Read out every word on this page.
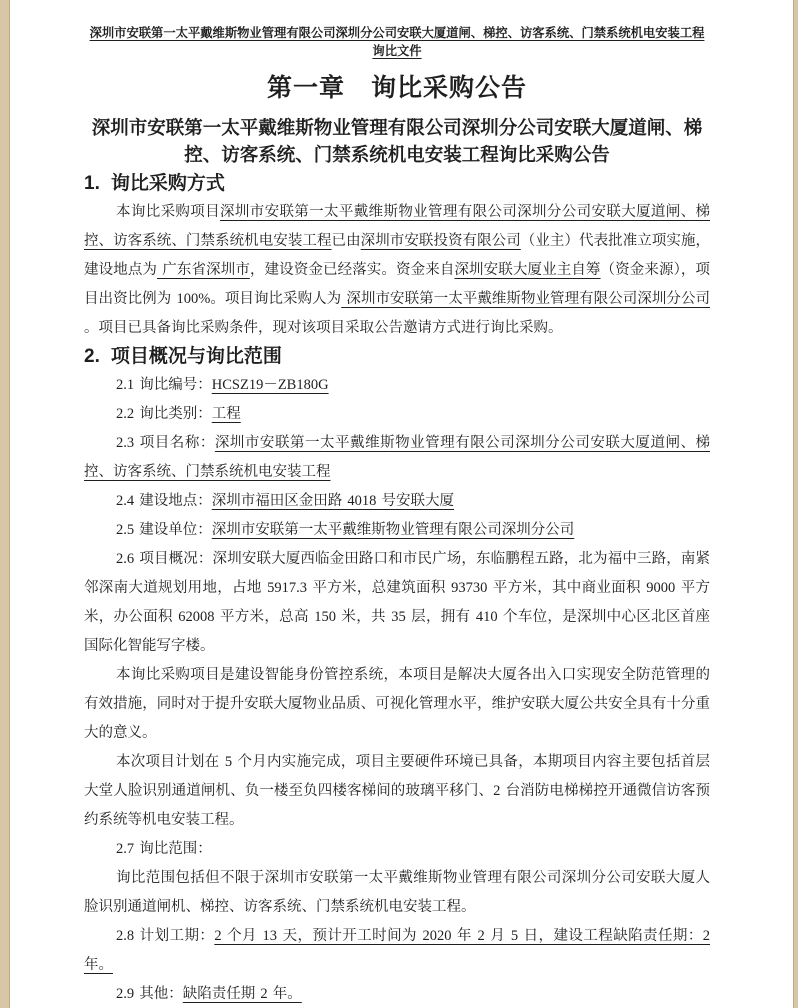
深圳市安联第一太平戴维斯物业管理有限公司深圳分公司安联大厦道闸、梯控、访客系统、门禁系统机电安装工程
询比文件
第一章　询比采购公告
深圳市安联第一太平戴维斯物业管理有限公司深圳分公司安联大厦道闸、梯控、访客系统、门禁系统机电安装工程询比采购公告
1. 询比采购方式

本询比采购项目深圳市安联第一太平戴维斯物业管理有限公司深圳分公司安联大厦道闸、梯控、访客系统、门禁系统机电安装工程已由深圳市安联投资有限公司（业主）代表批准立项实施，建设地点为 广东省深圳市，建设资金已经落实。资金来自深圳安联大厦业主自筹（资金来源），项目出资比例为 100%。项目询比采购人为 深圳市安联第一太平戴维斯物业管理有限公司深圳分公司 。项目已具备询比采购条件，现对该项目采取公告邀请方式进行询比采购。

2. 项目概况与询比范围

2.1 询比编号：HCSZ19－ZB180G

2.2 询比类别：工程

2.3 项目名称：深圳市安联第一太平戴维斯物业管理有限公司深圳分公司安联大厦道闸、梯控、访客系统、门禁系统机电安装工程

2.4 建设地点：深圳市福田区金田路 4018 号安联大厦

2.5 建设单位：深圳市安联第一太平戴维斯物业管理有限公司深圳分公司

2.6 项目概况：深圳安联大厦西临金田路口和市民广场，东临鹏程五路，北为福中三路，南紧邻深南大道规划用地，占地 5917.3 平方米，总建筑面积 93730 平方米，其中商业面积 9000 平方米，办公面积 62008 平方米，总高 150 米，共 35 层，拥有 410 个车位，是深圳中心区北区首座国际化智能写字楼。

本询比采购项目是建设智能身份管控系统，本项目是解决大厦各出入口实现安全防范管理的有效措施，同时对于提升安联大厦物业品质、可视化管理水平，维护安联大厦公共安全具有十分重大的意义。

本次项目计划在 5 个月内实施完成，项目主要硬件环境已具备，本期项目内容主要包括首层大堂人脸识别通道闸机、负一楼至负四楼客梯间的玻璃平移门、2 台消防电梯梯控开通微信访客预约系统等机电安装工程。

2.7 询比范围：

询比范围包括但不限于深圳市安联第一太平戴维斯物业管理有限公司深圳分公司安联大厦人脸识别通道闸机、梯控、访客系统、门禁系统机电安装工程。

2.8 计划工期：2 个月 13 天，预计开工时间为 2020 年 2 月 5 日，建设工程缺陷责任期：2 年。

2.9 其他：缺陷责任期 2 年。
